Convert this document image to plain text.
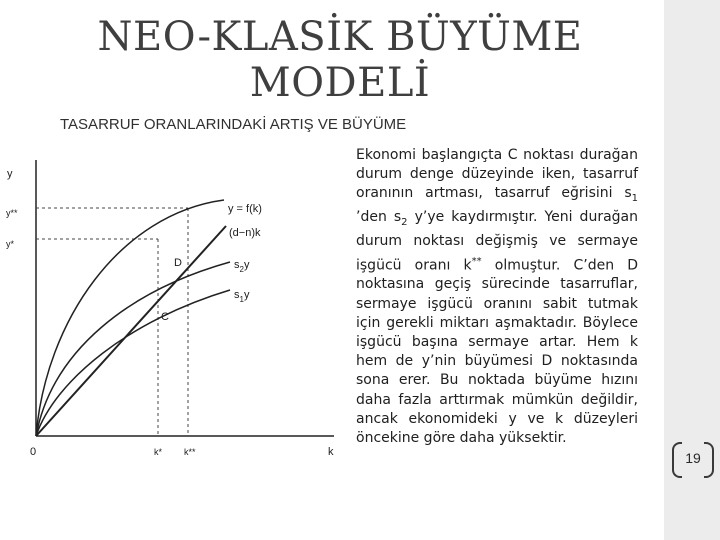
NEO-KLASİK BÜYÜME MODELİ
TASARRUF ORANLARINDAKİ ARTIŞ VE BÜYÜME
y
y**
y*
0	k
k* k**
y = f(k)
(d−n)k
D
C
$s_2y$
$s_1y$
Ekonomi başlangıçta C noktası durağan durum denge düzeyinde iken, tasarruf oranının artması, tasarruf eğrisini $s_1$ ’den $s_2$ y’ye kaydırmıştır. Yeni durağan durum noktası değişmiş ve sermaye işgücü oranı k** olmuştur. C’den D noktasına geçiş sürecinde tasarruflar, sermaye işgücü oranını sabit tutmak için gerekli miktarı aşmaktadır. Böylece işgücü başına sermaye artar. Hem k hem de y’nin büyümesi D noktasında sona erer. Bu noktada büyüme hızını daha fazla arttırmak mümkün değildir, ancak ekonomideki y ve k düzeyleri öncekine göre daha yüksektir.
19
